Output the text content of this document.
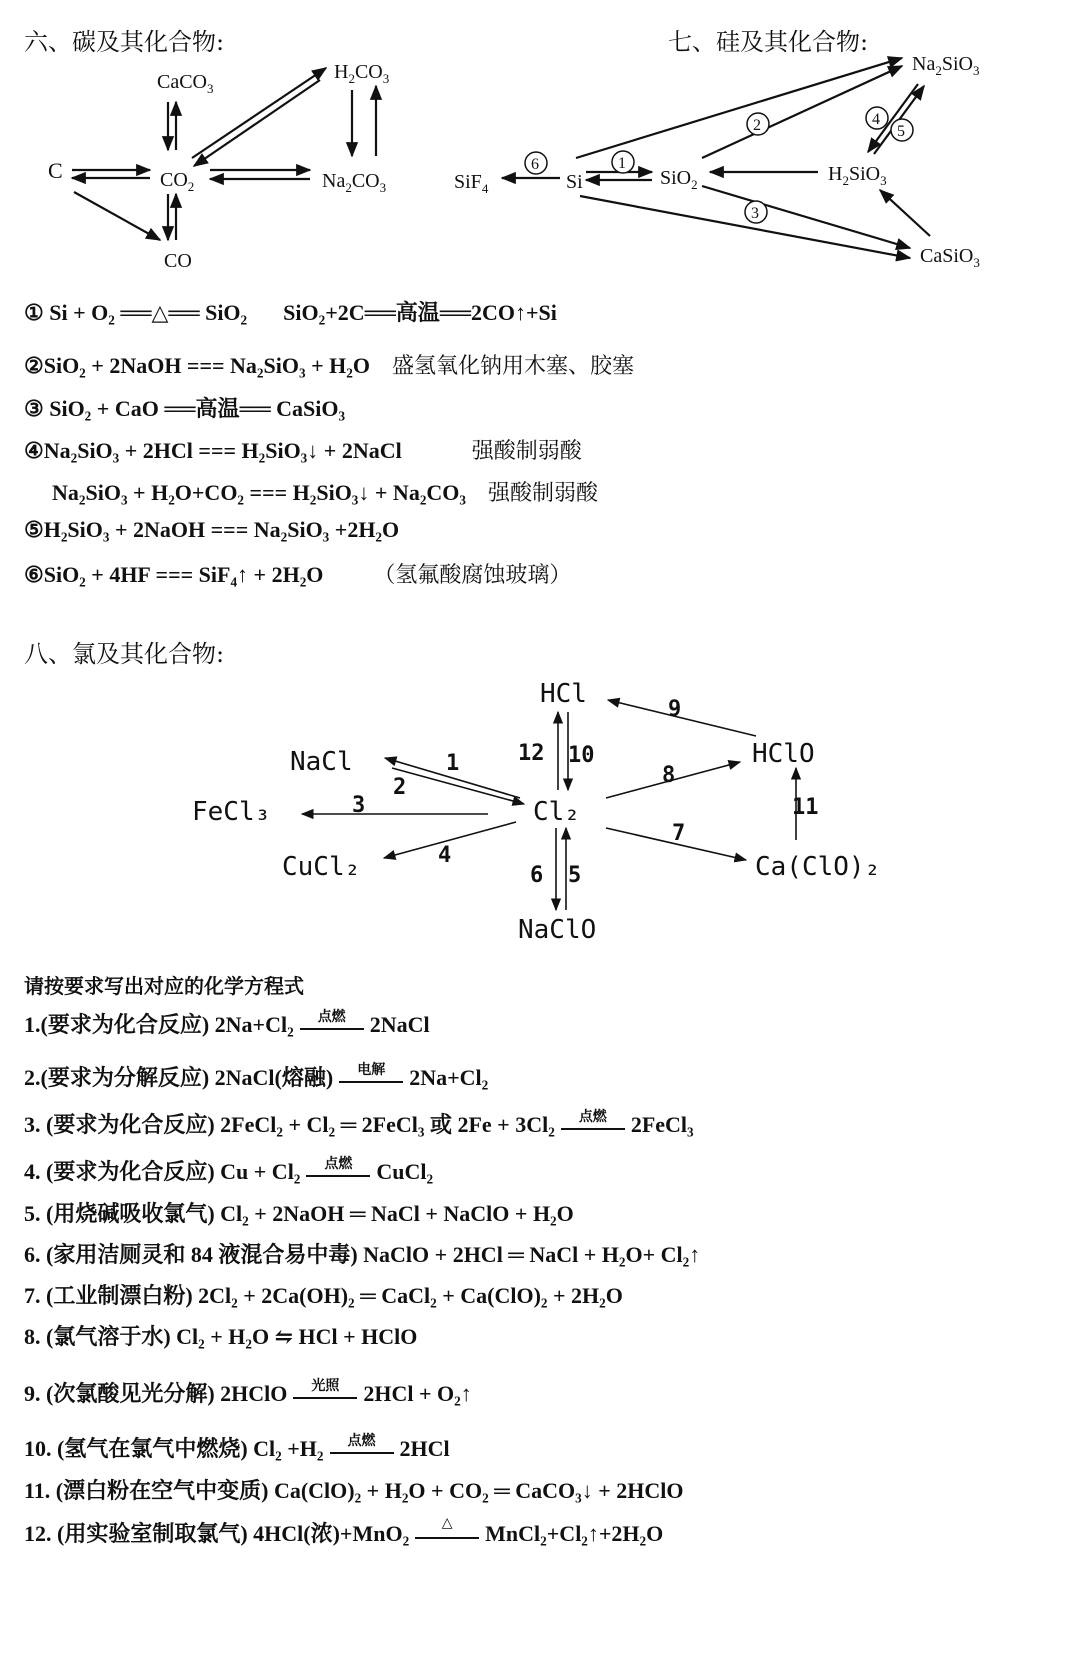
六、碳及其化合物:
C
CaCO$_3$
$CO_2$
$H_2CO_3$
$Na_2CO_3$
CO
七、硅及其化合物:
$Na_2SiO_3$
SiF$_4$	Si	SiO$_2$	$H_2SiO_3$
CaSiO$_3$
1
2
3
4
5
6
① Si + O₂ ══△══ SiO₂ SiO₂+2C══高温══2CO↑+Si
②SiO₂ + 2NaOH === Na₂SiO₃ + H₂O 盛氢氧化钠用木塞、胶塞
③ SiO₂ + CaO ══高温══ CaSiO₃
④Na₂SiO₃ + 2HCl === H₂SiO₃↓ + 2NaCl	强酸制弱酸
Na₂SiO₃ + H₂O+CO₂ === H₂SiO₃↓ + Na₂CO₃ 强酸制弱酸
⑤H₂SiO₃ + 2NaOH === Na₂SiO₃ +2H₂O
⑥SiO₂ + 4HF === SiF₄↑ + 2H₂O （氢氟酸腐蚀玻璃）
八、氯及其化合物:
HCl
NaCl
FeCl₃
CuCl₂
Cl₂
HClO
Ca(ClO)₂
NaClO
1
2
3
4
5
6
7
8
9
10
11
12
请按要求写出对应的化学方程式
1.(要求为化合反应) 2Na+Cl₂	点燃	2NaCl
2.(要求为分解反应) 2NaCl(熔融)	电解	2Na+Cl₂
3. (要求为化合反应) 2FeCl₂ + Cl₂ ═ 2FeCl₃ 或 2Fe + 3Cl₂	点燃	2FeCl₃
4. (要求为化合反应) Cu + Cl₂	点燃	CuCl₂
5. (用烧碱吸收氯气) Cl₂ + 2NaOH ═ NaCl + NaClO + H₂O
6. (家用洁厕灵和 84 液混合易中毒) NaClO + 2HCl ═ NaCl + H₂O+ Cl₂↑
7. (工业制漂白粉) 2Cl₂ + 2Ca(OH)₂ ═ CaCl₂ + Ca(ClO)₂ + 2H₂O
8. (氯气溶于水) Cl₂ + H₂O ⇋ HCl + HClO
9. (次氯酸见光分解) 2HClO	光照	2HCl + O₂↑
10. (氢气在氯气中燃烧) Cl₂ +H₂	点燃	2HCl
11. (漂白粉在空气中变质) Ca(ClO)₂ + H₂O + CO₂ ═ CaCO₃↓ + 2HClO
12. (用实验室制取氯气) 4HCl(浓)+MnO₂	△	MnCl₂+Cl₂↑+2H₂O
